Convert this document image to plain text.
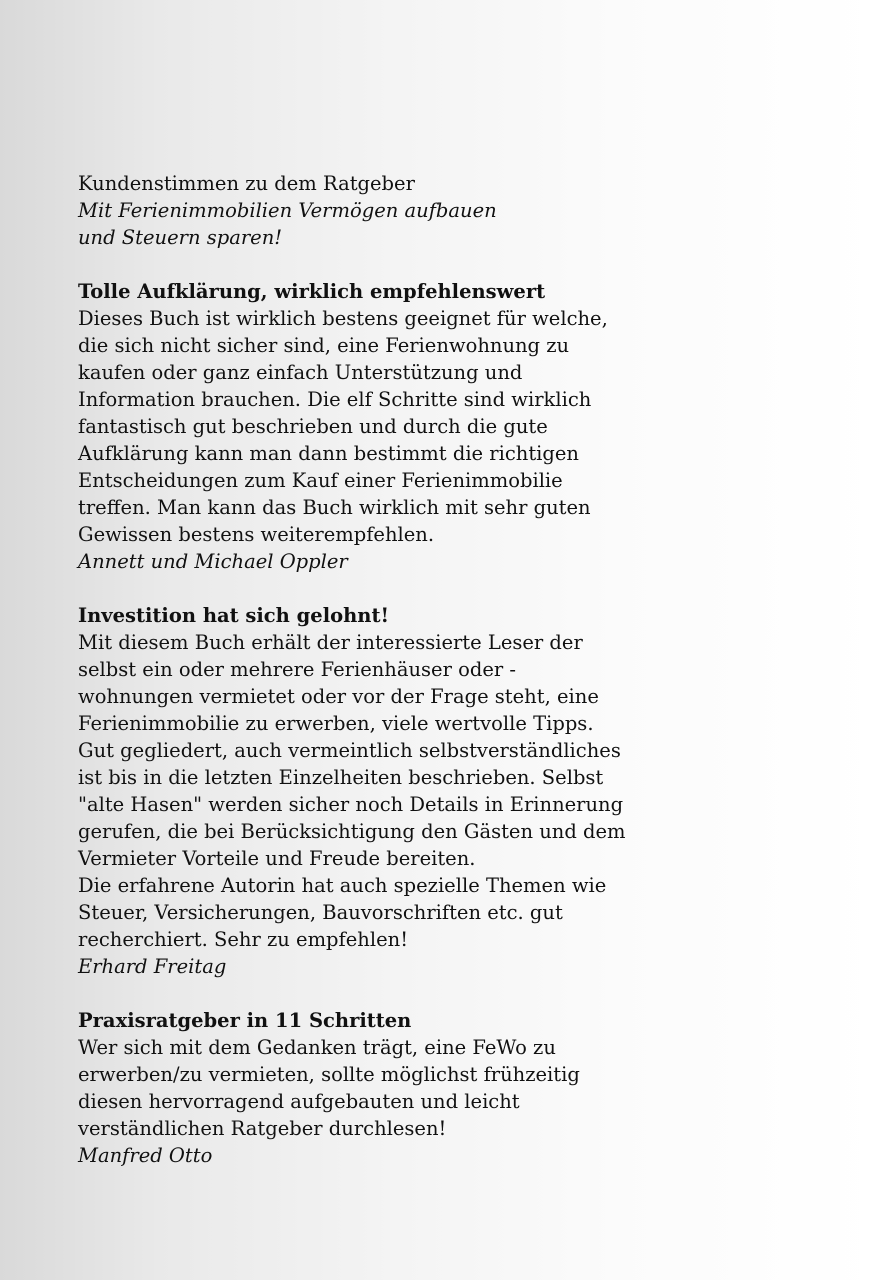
Kundenstimmen zu dem Ratgeber
Mit Ferienimmobilien Vermögen aufbauen
und Steuern sparen!
Tolle Aufklärung, wirklich empfehlenswert
Dieses Buch ist wirklich bestens geeignet für welche,
die sich nicht sicher sind, eine Ferienwohnung zu
kaufen oder ganz einfach Unterstützung und
Information brauchen. Die elf Schritte sind wirklich
fantastisch gut beschrieben und durch die gute
Aufklärung kann man dann bestimmt die richtigen
Entscheidungen zum Kauf einer Ferienimmobilie
treffen. Man kann das Buch wirklich mit sehr guten
Gewissen bestens weiterempfehlen.
Annett und Michael Oppler
Investition hat sich gelohnt!
Mit diesem Buch erhält der interessierte Leser der
selbst ein oder mehrere Ferienhäuser oder -
wohnungen vermietet oder vor der Frage steht, eine
Ferienimmobilie zu erwerben, viele wertvolle Tipps.
Gut gegliedert, auch vermeintlich selbstverständliches
ist bis in die letzten Einzelheiten beschrieben. Selbst
"alte Hasen" werden sicher noch Details in Erinnerung
gerufen, die bei Berücksichtigung den Gästen und dem
Vermieter Vorteile und Freude bereiten.
Die erfahrene Autorin hat auch spezielle Themen wie
Steuer, Versicherungen, Bauvorschriften etc. gut
recherchiert. Sehr zu empfehlen!
Erhard Freitag
Praxisratgeber in 11 Schritten
Wer sich mit dem Gedanken trägt, eine FeWo zu
erwerben/zu vermieten, sollte möglichst frühzeitig
diesen hervorragend aufgebauten und leicht
verständlichen Ratgeber durchlesen!
Manfred Otto
